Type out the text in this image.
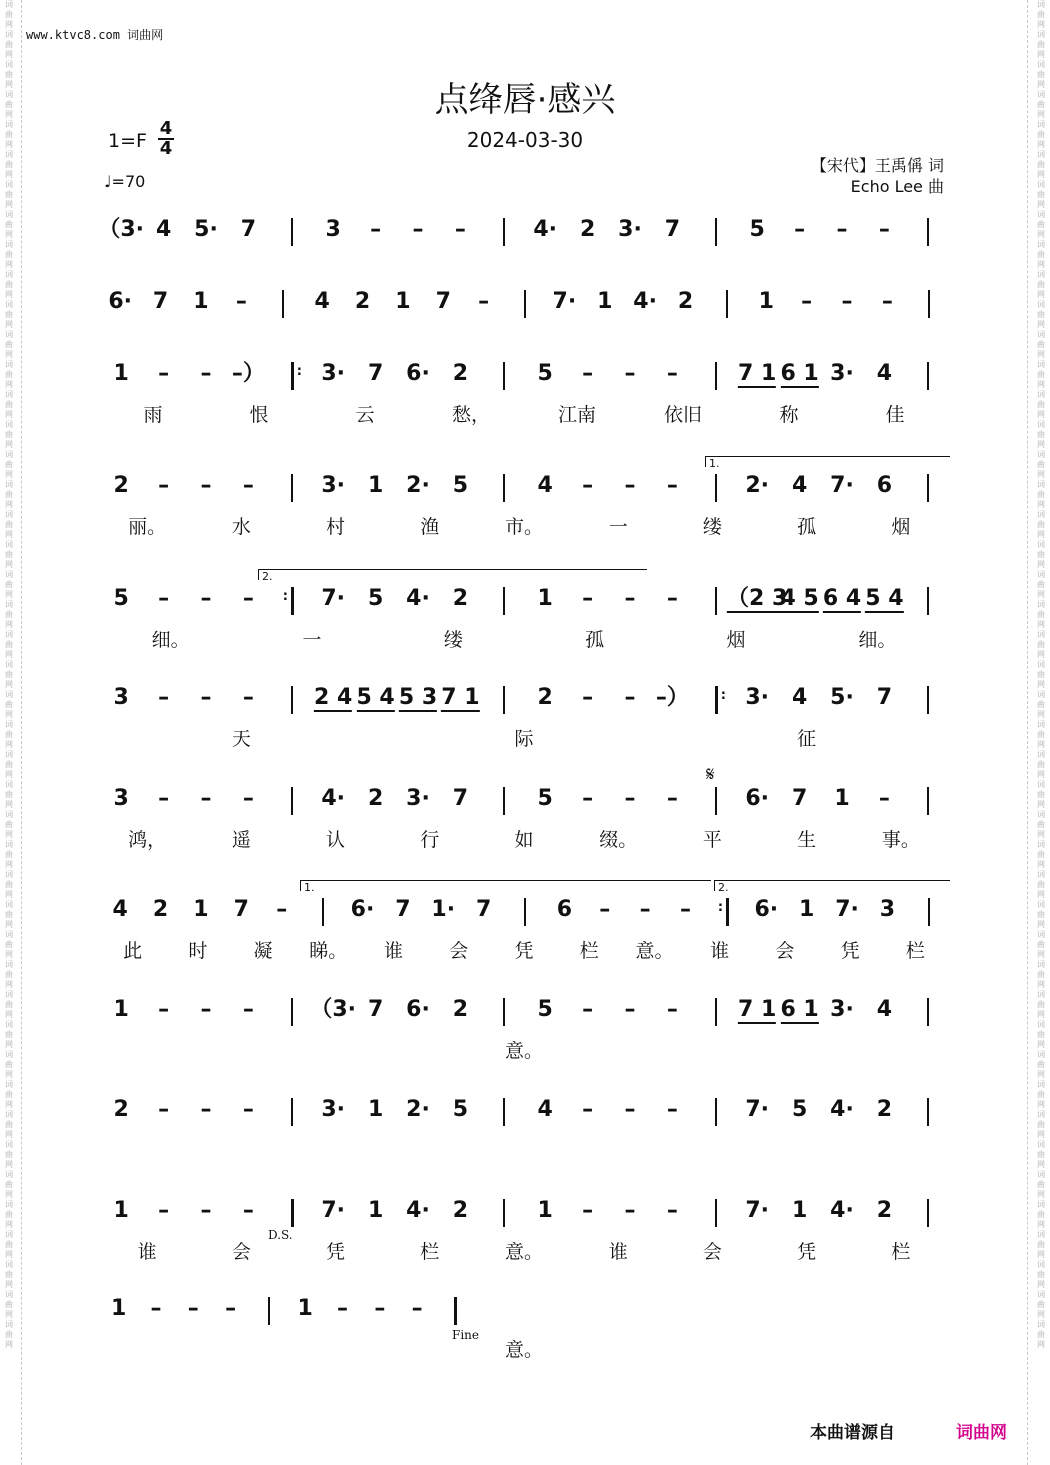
词曲网词曲网词曲网词曲网词曲网词曲网词曲网词曲网词曲网词曲网词曲网词曲网词曲网词曲网词曲网词曲网词曲网词曲网词曲网词曲网词曲网词曲网词曲网词曲网词曲网词曲网词曲网词曲网词曲网词曲网词曲网词曲网词曲网词曲网词曲网词曲网词曲网词曲网词曲网词曲网词曲网词曲网词曲网词曲网词曲网
词曲网词曲网词曲网词曲网词曲网词曲网词曲网词曲网词曲网词曲网词曲网词曲网词曲网词曲网词曲网词曲网词曲网词曲网词曲网词曲网词曲网词曲网词曲网词曲网词曲网词曲网词曲网词曲网词曲网词曲网词曲网词曲网词曲网词曲网词曲网词曲网词曲网词曲网词曲网词曲网词曲网词曲网词曲网词曲网词曲网
www.ktvc8.com 词曲网
点绛唇·感兴
2024-03-30
1=F
4
4
♩=70
【宋代】王禹偁 词
Echo Lee 曲
（3· 4 5· 7	3 – – –	4· 2 3· 7	5 – – –
6· 7 1 –	4 2 1 7 –	7· 1 4· 2	1 – – –
1 – – –） : 3· 7 6· 2	5 – – –	7 1 6 1 3· 4
雨	恨	云	愁，	江南	依旧	称	佳
2 – – –	3· 1 2· 5	4 – – –	2· 4 7· 6
丽。	水	村	渔	市。	一	缕	孤	烟
5 – – – : 7· 5 4· 2	1 – – – （2 3
4 5 6 4 5 4
细。	一	缕	孤	烟	细。
3 – – –	2 4 5 4 5 3 7 1	2 – – –） : 3· 4 5· 7
天	际	征
3 – – –	4· 2 3· 7	5 – – –	6· 7 1 –
鸿，	遥	认	行	如	缀。	平	生	事。
4 2 1 7 –	6· 7 1· 7	6 – – – : 6· 1 7· 3
此 时 凝 睇。 谁 会 凭 栏 意。 谁 会 凭 栏
1 – – –	（3· 7 6· 2	5 – – –	7 1 6 1 3· 4
意。
2 – – –	3· 1 2· 5	4 – – –	7· 5 4· 2
1 – – –	7· 1 4· 2	1 – – –	7· 1 4· 2
谁	会	凭	栏	意。	谁	会	凭	栏
1 – – –	1 – – –
意。
D.S.
Fine
𝄋
1.
2.
1.	2.
本曲谱源自	词曲网
